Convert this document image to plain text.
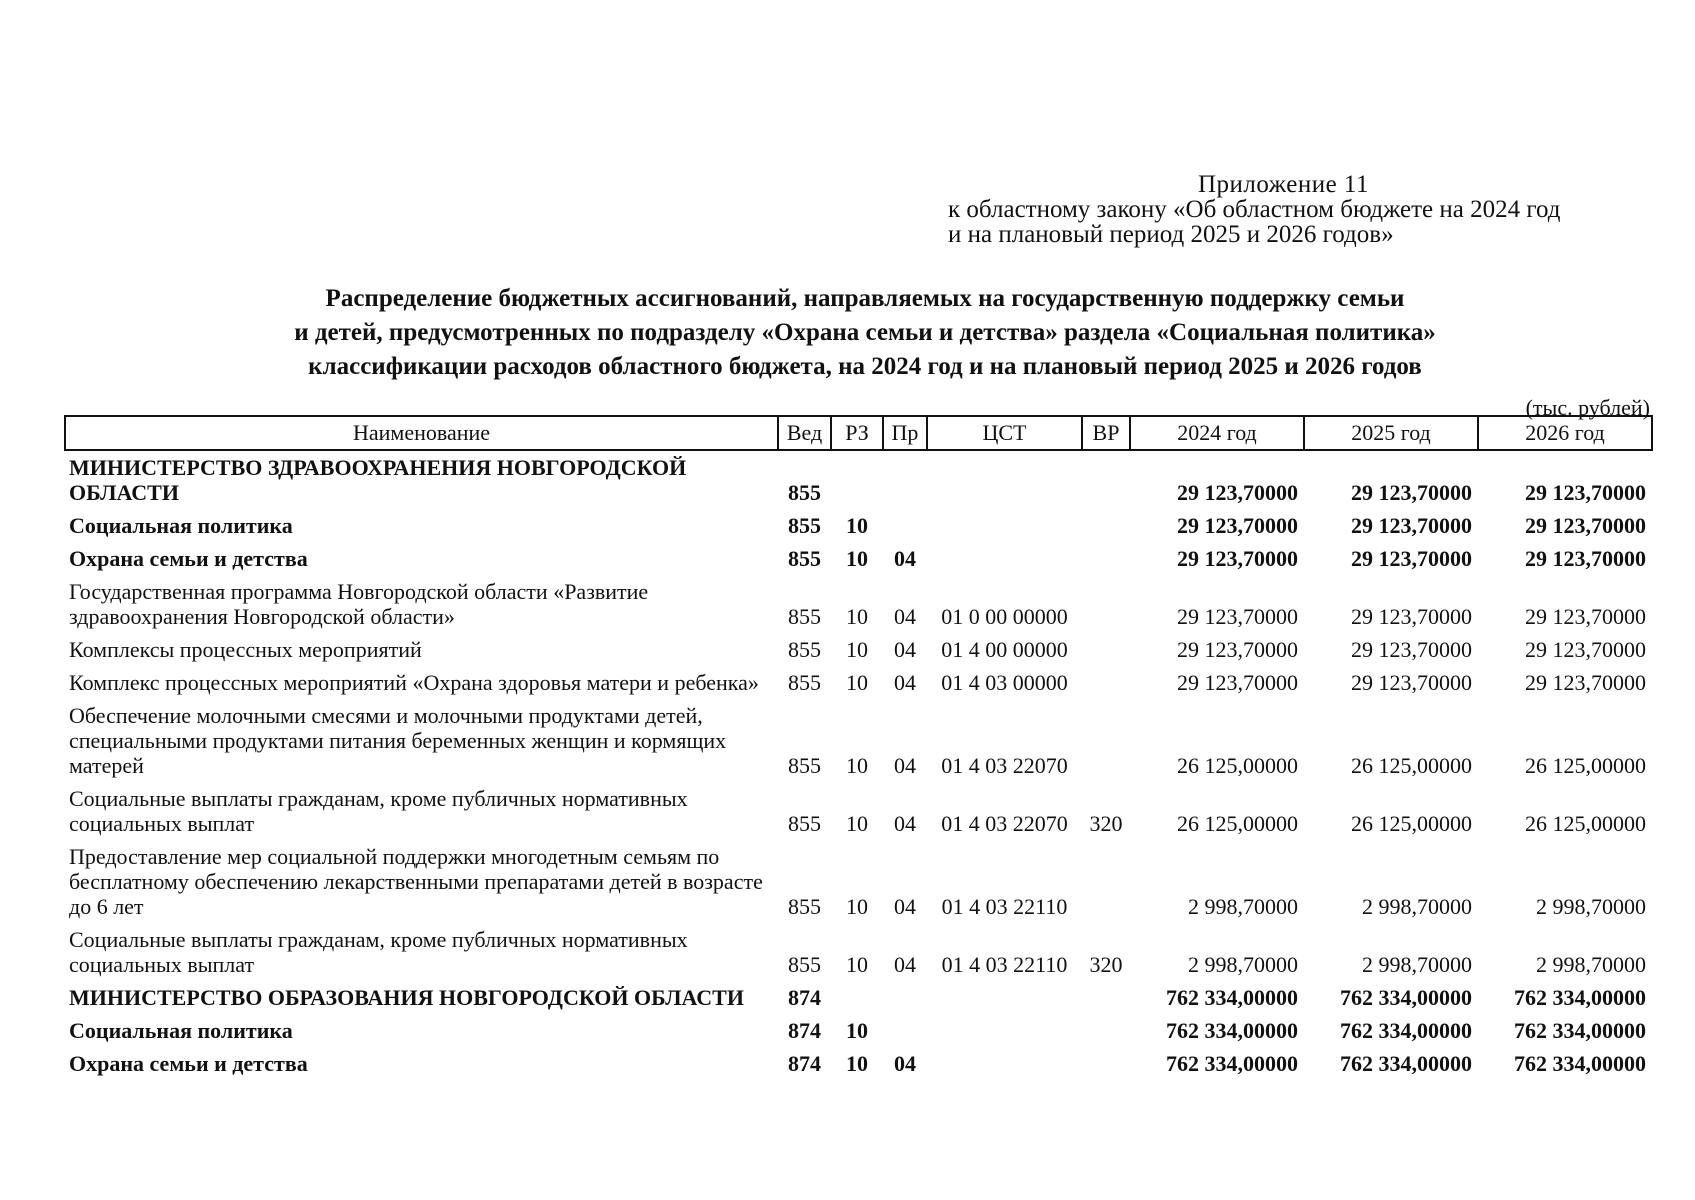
Приложение 11
к областному закону «Об областном бюджете на 2024 год
и на плановый период 2025 и 2026 годов»
Распределение бюджетных ассигнований, направляемых на государственную поддержку семьи
и детей, предусмотренных по подразделу «Охрана семьи и детства» раздела «Социальная политика»
классификации расходов областного бюджета, на 2024 год и на плановый период 2025 и 2026 годов
(тыс. рублей)
Наименование	Вед	РЗ	Пр	ЦСТ	ВР	2024 год	2025 год	2026 год
МИНИСТЕРСТВО ЗДРАВООХРАНЕНИЯ НОВГОРОДСКОЙ ОБЛАСТИ	855					29 123,70000	29 123,70000	29 123,70000
Социальная политика	855	10				29 123,70000	29 123,70000	29 123,70000
Охрана семьи и детства	855	10	04			29 123,70000	29 123,70000	29 123,70000
Государственная программа Новгородской области «Развитие здравоохранения Новгородской области»	855	10	04	01 0 00 00000		29 123,70000	29 123,70000	29 123,70000
Комплексы процессных мероприятий	855	10	04	01 4 00 00000		29 123,70000	29 123,70000	29 123,70000
Комплекс процессных мероприятий «Охрана здоровья матери и ребенка»	855	10	04	01 4 03 00000		29 123,70000	29 123,70000	29 123,70000
Обеспечение молочными смесями и молочными продуктами детей, специальными продуктами питания беременных женщин и кормящих матерей	855	10	04	01 4 03 22070		26 125,00000	26 125,00000	26 125,00000
Социальные выплаты гражданам, кроме публичных нормативных социальных выплат	855	10	04	01 4 03 22070	320	26 125,00000	26 125,00000	26 125,00000
Предоставление мер социальной поддержки многодетным семьям по бесплатному обеспечению лекарственными препаратами детей в возрасте до 6 лет	855	10	04	01 4 03 22110		2 998,70000	2 998,70000	2 998,70000
Социальные выплаты гражданам, кроме публичных нормативных социальных выплат	855	10	04	01 4 03 22110	320	2 998,70000	2 998,70000	2 998,70000
МИНИСТЕРСТВО ОБРАЗОВАНИЯ НОВГОРОДСКОЙ ОБЛАСТИ	874					762 334,00000	762 334,00000	762 334,00000
Социальная политика	874	10				762 334,00000	762 334,00000	762 334,00000
Охрана семьи и детства	874	10	04			762 334,00000	762 334,00000	762 334,00000
